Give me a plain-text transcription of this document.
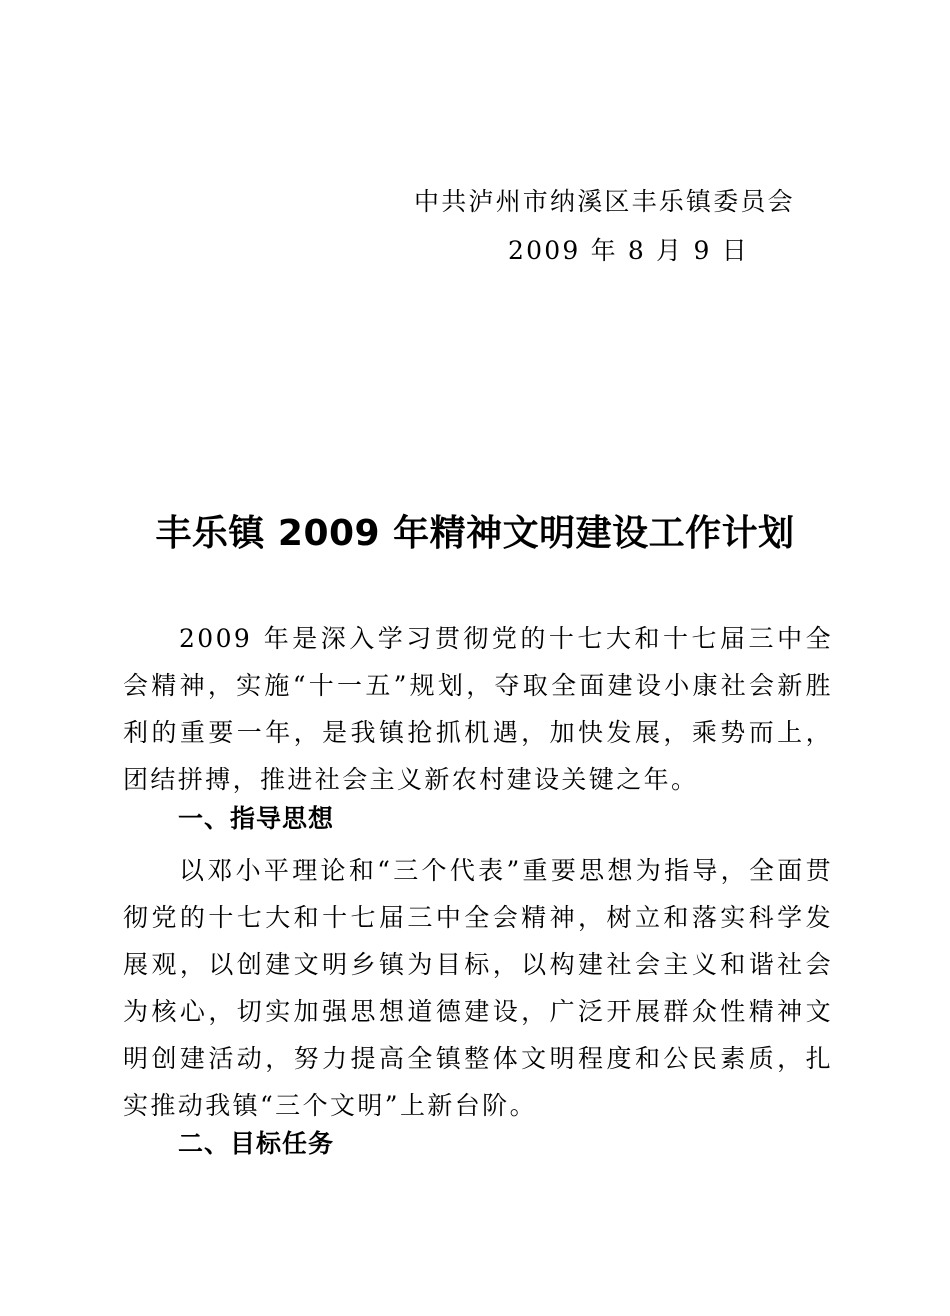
中共泸州市纳溪区丰乐镇委员会
2009 年 8 月 9 日
丰乐镇 2009 年精神文明建设工作计划
2009 年是深入学习贯彻党的十七大和十七届三中全会精神，实施“十一五”规划，夺取全面建设小康社会新胜利的重要一年，是我镇抢抓机遇，加快发展，乘势而上，团结拼搏，推进社会主义新农村建设关键之年。
一、指导思想
以邓小平理论和“三个代表”重要思想为指导，全面贯彻党的十七大和十七届三中全会精神，树立和落实科学发展观，以创建文明乡镇为目标，以构建社会主义和谐社会为核心，切实加强思想道德建设，广泛开展群众性精神文明创建活动，努力提高全镇整体文明程度和公民素质，扎实推动我镇“三个文明”上新台阶。
二、目标任务
